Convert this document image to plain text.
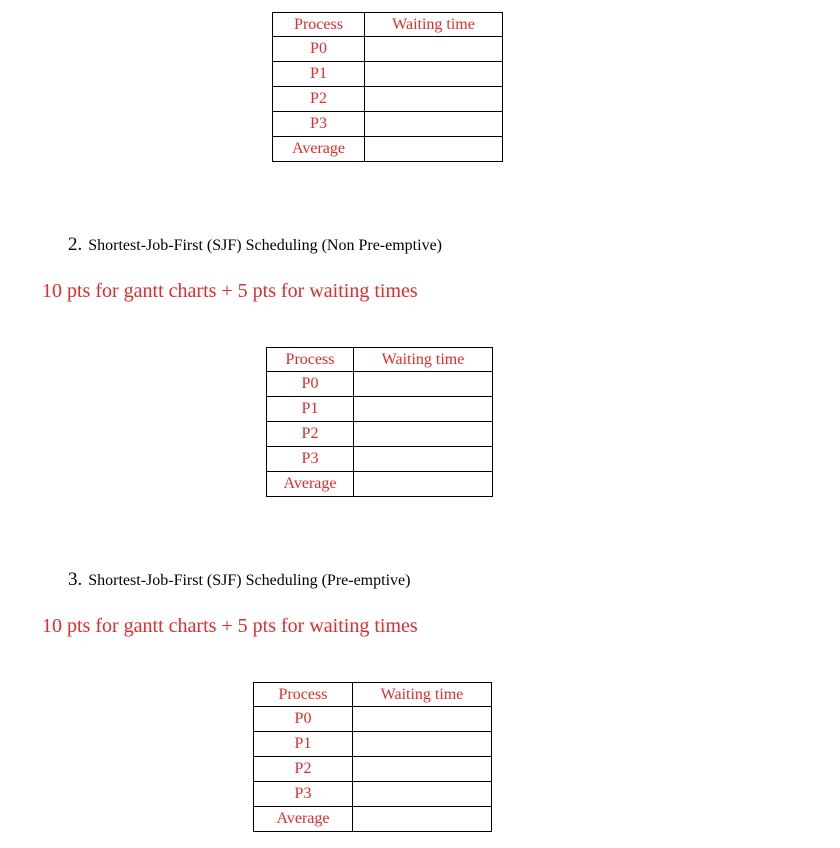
Process	Waiting time
P0	
P1	
P2	
P3	
Average	
2. Shortest-Job-First (SJF) Scheduling (Non Pre-emptive)
10 pts for gantt charts + 5 pts for waiting times
Process	Waiting time
P0	
P1	
P2	
P3	
Average	
3. Shortest-Job-First (SJF) Scheduling (Pre-emptive)
10 pts for gantt charts + 5 pts for waiting times
Process	Waiting time
P0	
P1	
P2	
P3	
Average	
